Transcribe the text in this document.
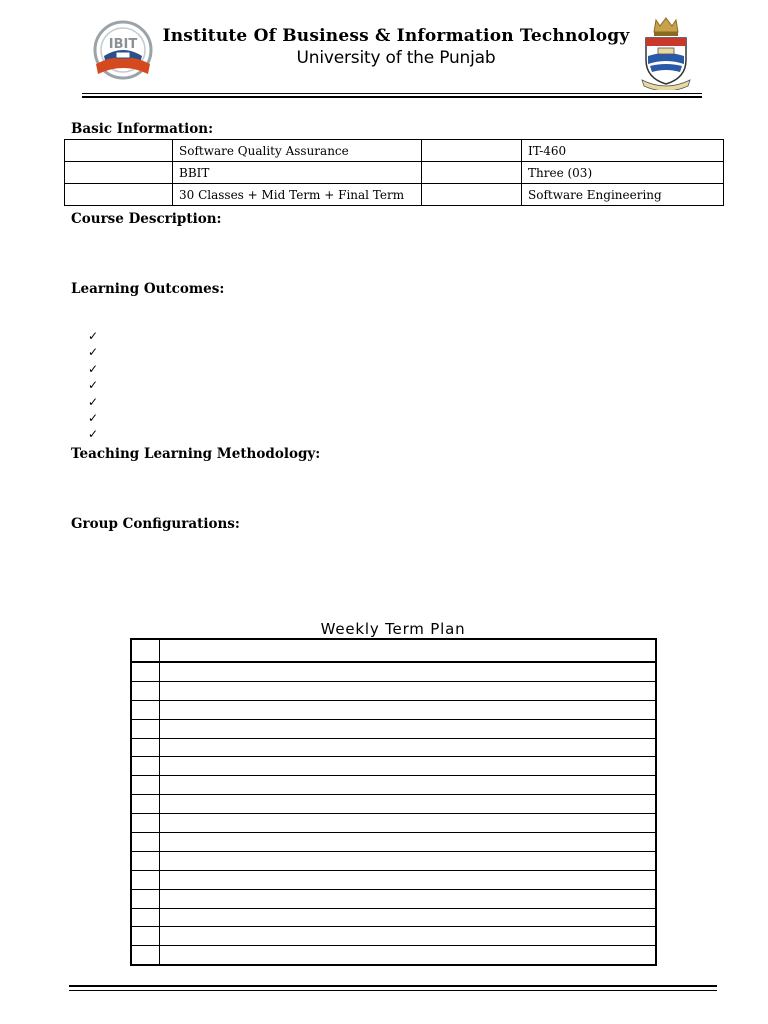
IBIT Institute Of Business & Information Technology
University of the Punjab
Basic Information:
	Software Quality Assurance		IT-460
	BBIT		Three (03)
	30 Classes + Mid Term + Final Term		Software Engineering
Course Description:
Learning Outcomes:
✓
✓
✓
✓
✓
✓
✓
Teaching Learning Methodology:
Group Configurations:
Weekly Term Plan
